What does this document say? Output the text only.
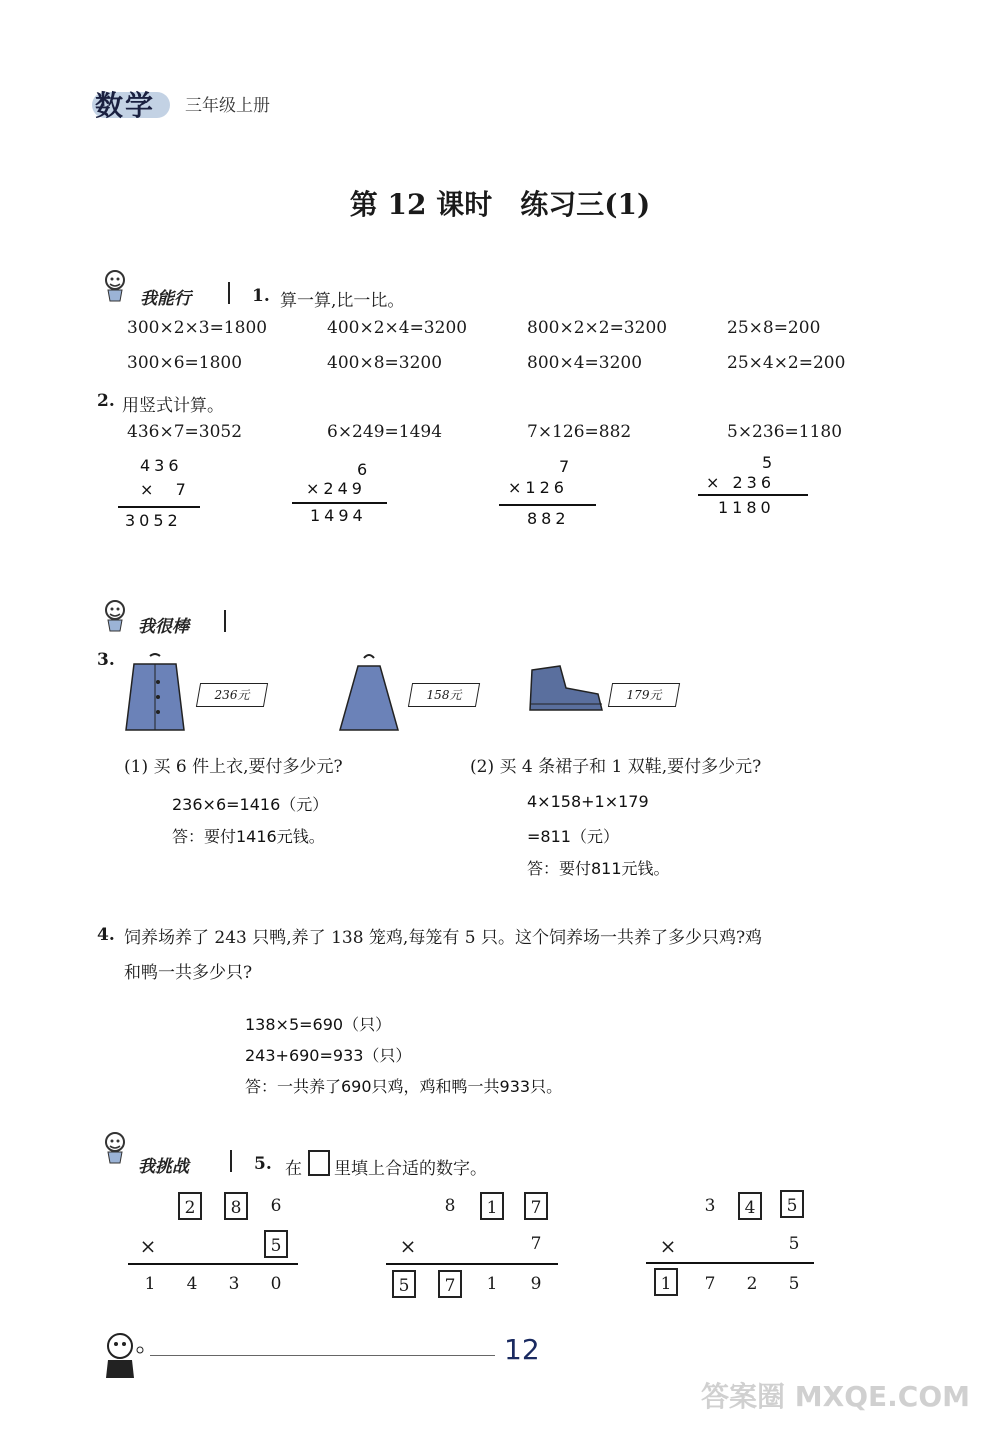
数学 三年级上册
第 12 课时　练习三(1)
我能行	1. 算一算,比一比。
300×2×3=1800	400×2×4=3200	800×2×2=3200	25×8=200
300×6=1800	400×8=3200	800×4=3200	25×4×2=200
2. 用竖式计算。
436×7=3052	6×249=1494	7×126=882	5×236=1180
436
×  7
3052
6
×249
1494
7
×126
882
5
× 236
1180
我很棒
3.
236元	158元	179元
(1) 买 6 件上衣,要付多少元?	(2) 买 4 条裙子和 1 双鞋,要付多少元?
236×6=1416（元）
答：要付1416元钱。
4×158+1×179
=811（元）
答：要付811元钱。
4. 饲养场养了 243 只鸭,养了 138 笼鸡,每笼有 5 只。这个饲养场一共养了多少只鸡?鸡
和鸭一共多少只?
138×5=690（只）
243+690=933（只）
答：一共养了690只鸡，鸡和鸭一共933只。
我挑战	5. 在 里填上合适的数字。
2	8	6
×	5
1	4	3	0
8	1	7
×	7
5	7	1	9
3	4	5
×	5
1	7	2	5
12
答案圈 MXQE.COM
